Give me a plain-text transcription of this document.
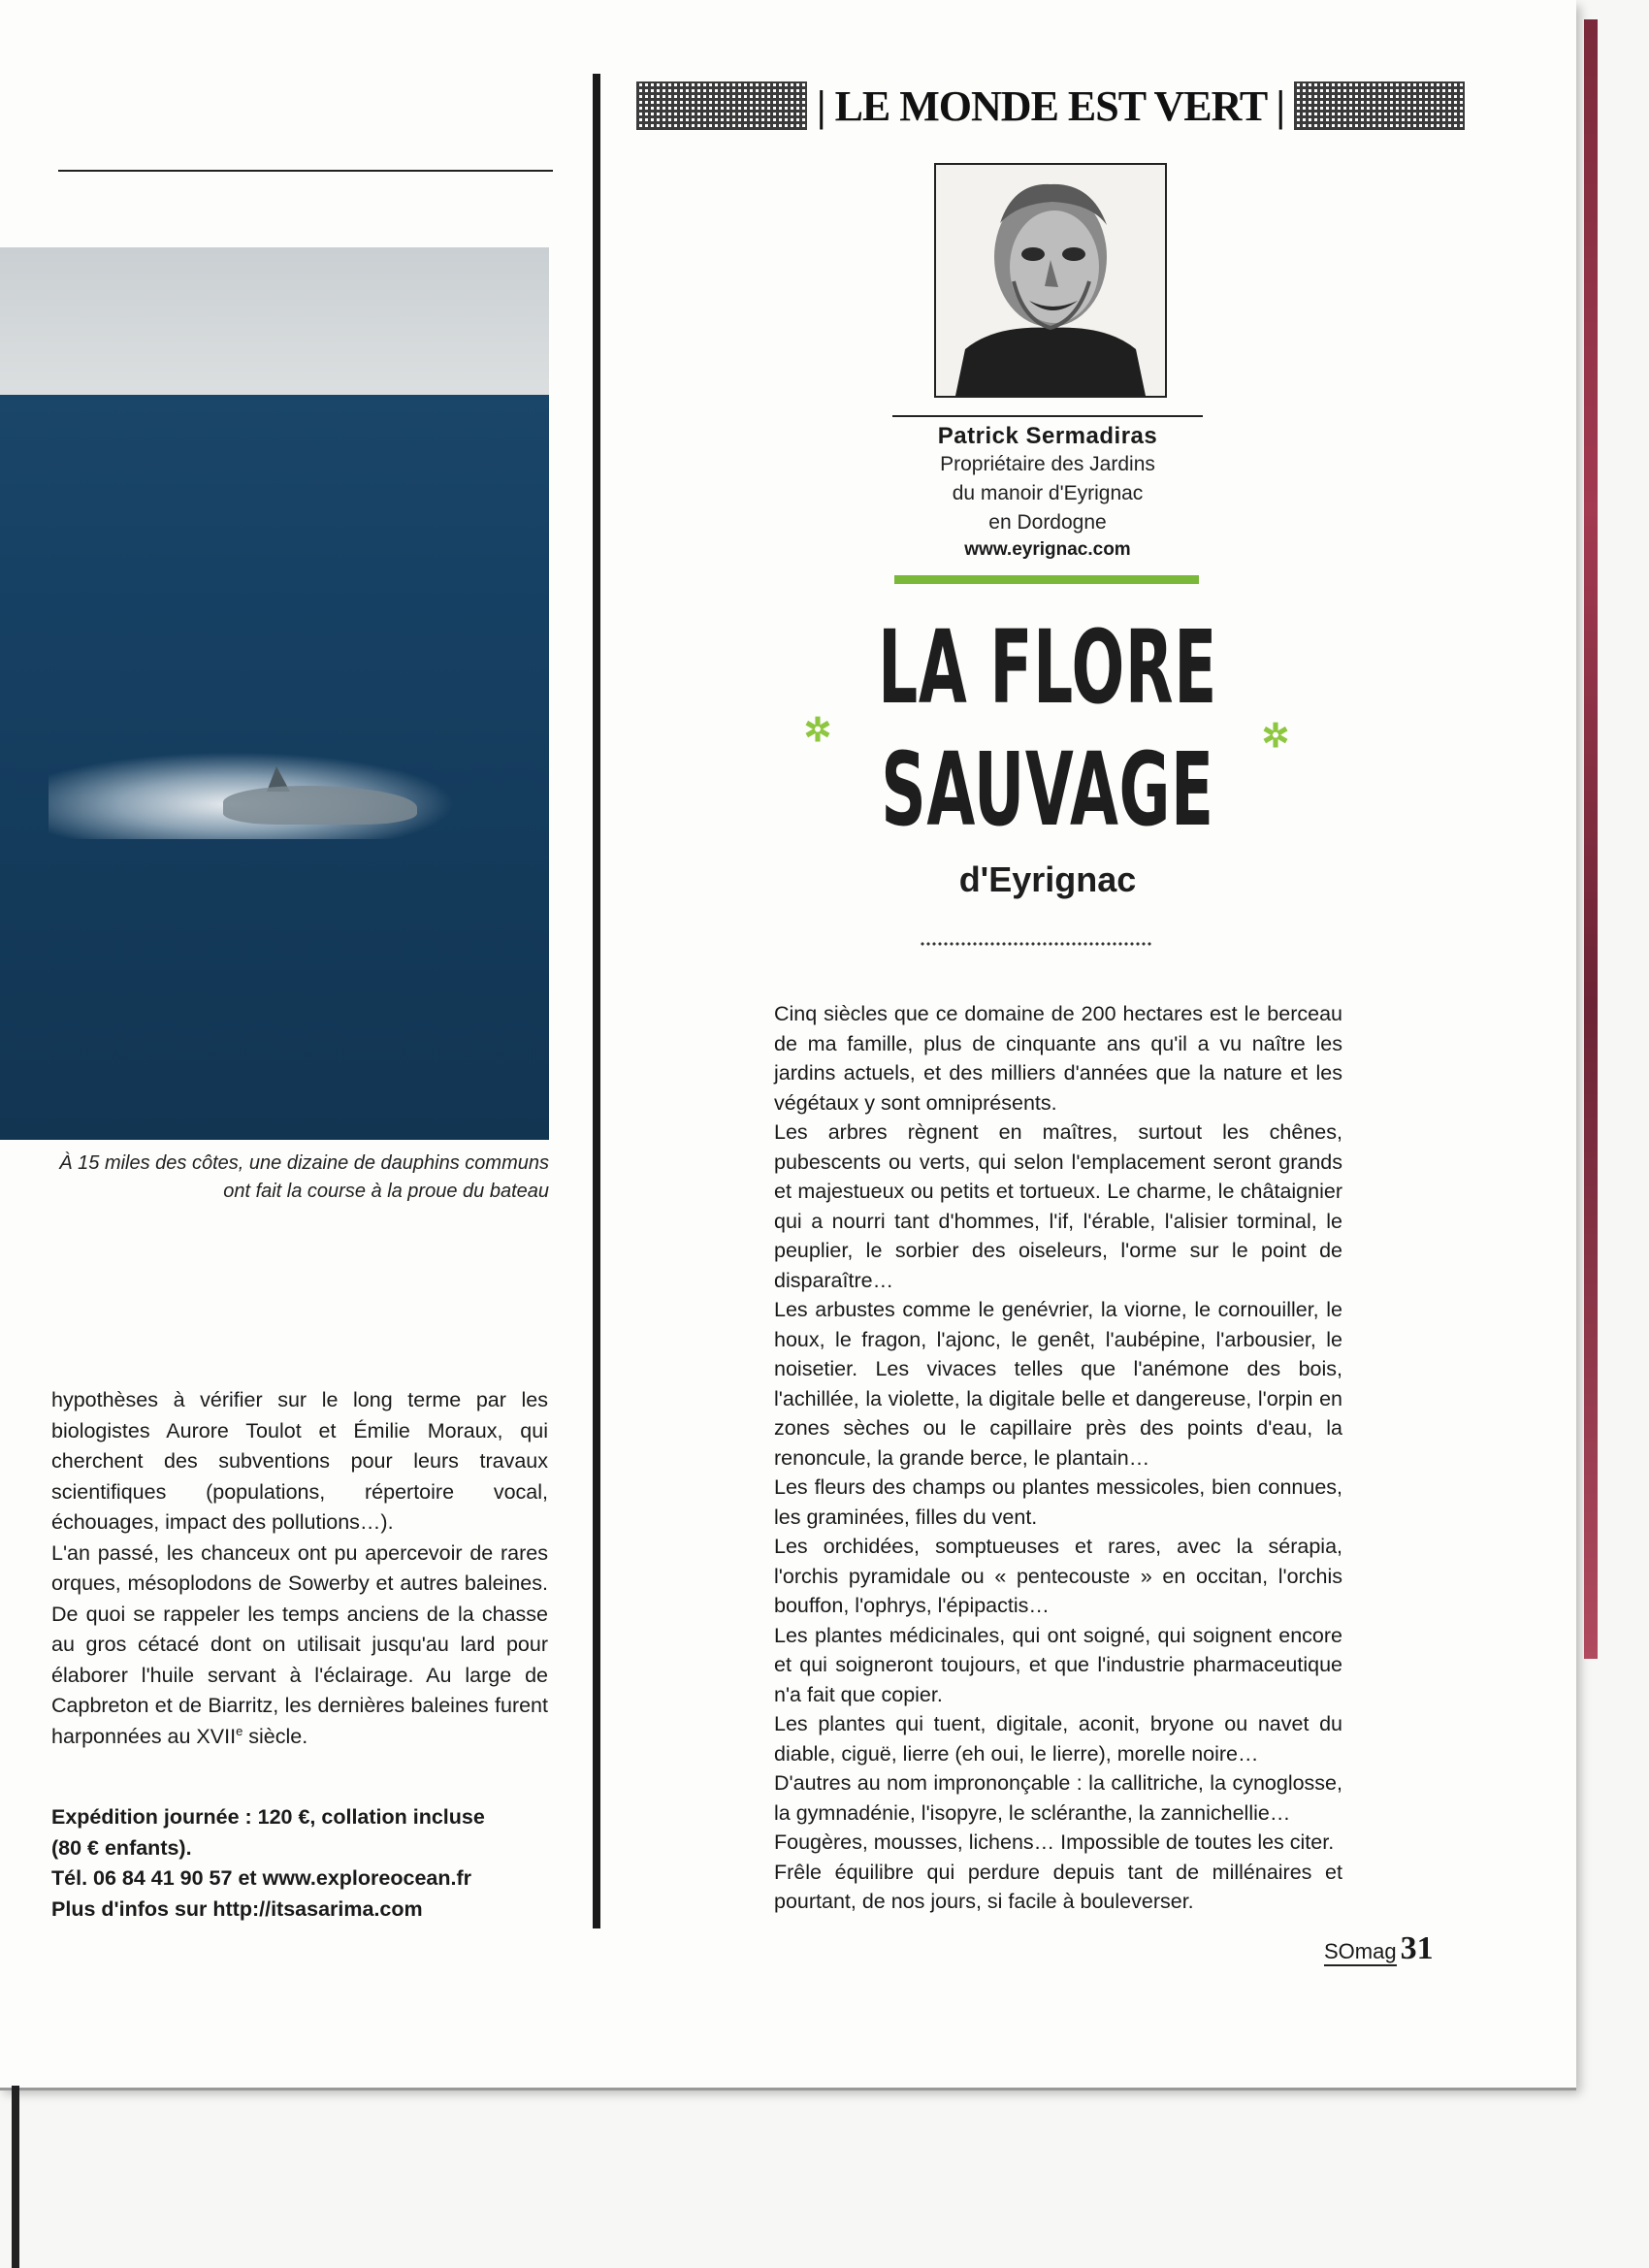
À 15 miles des côtes, une dizaine de dauphins communs
ont fait la course à la proue du bateau

hypothèses à vérifier sur le long terme par les biologistes Aurore Toulot et Émilie Moraux, qui cherchent des subventions pour leurs travaux scientifiques (populations, répertoire vocal, échouages, impact des pollutions…).

L'an passé, les chanceux ont pu apercevoir de rares orques, mésoplodons de Sowerby et autres baleines. De quoi se rappeler les temps anciens de la chasse au gros cétacé dont on utilisait jusqu'au lard pour élaborer l'huile servant à l'éclairage. Au large de Capbreton et de Biarritz, les dernières baleines furent harponnées au XVIIe siècle.

Expédition journée : 120 €, collation incluse
(80 € enfants).
Tél. 06 84 41 90 57 et www.exploreocean.fr
Plus d'infos sur http://itsasarima.com
| LE MONDE EST VERT |
Patrick Sermadiras
Propriétaire des Jardins
du manoir d'Eyrignac
en Dordogne
www.eyrignac.com
LA FLORE
SAUVAGE
✲	✲
d'Eyrignac

Cinq siècles que ce domaine de 200 hectares est le berceau de ma famille, plus de cinquante ans qu'il a vu naître les jardins actuels, et des milliers d'années que la nature et les végétaux y sont omniprésents.

Les arbres règnent en maîtres, surtout les chênes, pubescents ou verts, qui selon l'emplacement seront grands et majestueux ou petits et tortueux. Le charme, le châtaignier qui a nourri tant d'hommes, l'if, l'érable, l'alisier torminal, le peuplier, le sorbier des oiseleurs, l'orme sur le point de disparaître…

Les arbustes comme le genévrier, la viorne, le cornouiller, le houx, le fragon, l'ajonc, le genêt, l'aubépine, l'arbousier, le noisetier. Les vivaces telles que l'anémone des bois, l'achillée, la violette, la digitale belle et dangereuse, l'orpin en zones sèches ou le capillaire près des points d'eau, la renoncule, la grande berce, le plantain…

Les fleurs des champs ou plantes messicoles, bien connues, les graminées, filles du vent.

Les orchidées, somptueuses et rares, avec la sérapia, l'orchis pyramidale ou « pentecouste » en occitan, l'orchis bouffon, l'ophrys, l'épipactis…

Les plantes médicinales, qui ont soigné, qui soignent encore et qui soigneront toujours, et que l'industrie pharmaceutique n'a fait que copier.

Les plantes qui tuent, digitale, aconit, bryone ou navet du diable, ciguë, lierre (eh oui, le lierre), morelle noire…

D'autres au nom imprononçable : la callitriche, la cynoglosse, la gymnadénie, l'isopyre, le scléranthe, la zannichellie…

Fougères, mousses, lichens… Impossible de toutes les citer.

Frêle équilibre qui perdure depuis tant de millénaires et pourtant, de nos jours, si facile à bouleverser.

SOmag 31
